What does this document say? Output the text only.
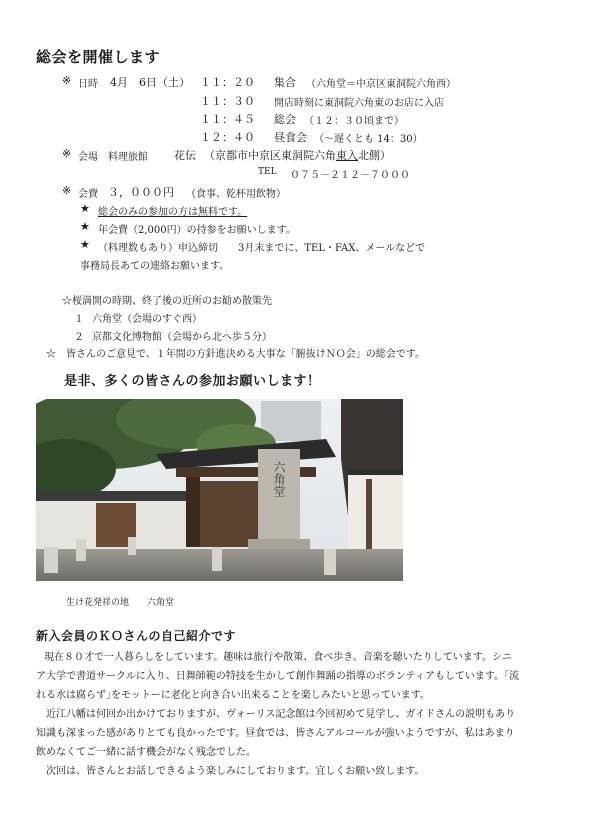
総会を開催します
※ 日時 4月　6日（土） １１：２０ 集合 （六角堂＝中京区東洞院六角西）
１１：３０ 開店時刻に東洞院六角東のお店に入店
１１：４５ 総会 （１２：３０頃まで）
１２：４０ 昼食会 （～遅くとも 14：30）
※ 会場 料理旅館 花伝 （京都市中京区東洞院六角東入北側）
TEL ０７５－２１２－７０００
※ 会費 ３，０００円 （食事、乾杯用飲物）
★ 総会のみの参加の方は無料です。
★ 年会費（2,000円）の持参をお願いします。
★ （料理数もあり）申込締切　　3月末までに、TEL・FAX、メールなどで
事務局長あての連絡お願います。
☆桜満開の時期、終了後の近所のお勧め散策先
１ 六角堂（会場のすぐ西）
２ 京都文化博物館（会場から北へ歩５分）
☆　皆さんのご意見で、１年間の方針進決める大事な「腑抜けＮＯ会」の総会です。
是非、多くの皆さんの参加お願いします！
六角堂
生け花発祥の地　　六角堂
新入会員のＫＯさんの自己紹介です
現在８０才で一人暮らしをしています。趣味は旅行や散策、食べ歩き。音楽を聴いたりしています。シニ
ア大学で書道サークルに入り、日舞師範の特技を生かして創作舞踊の指導のボランティアもしています。｢流
れる水は腐らず｣をモットーに老化と向き合い出来ることを楽しみたいと思っています。
近江八幡は何回か出かけておりますが、ヴォーリス記念館は今回初めて見学し、ガイドさんの説明もあり
知識も深まった感がありとても良かったです。昼食では、皆さんアルコールが強いようですが、私はあまり
飲めなくてご一緒に話す機会がなく残念でした。
次回は、皆さんとお話しできるよう楽しみにしております。宜しくお願い致します。
